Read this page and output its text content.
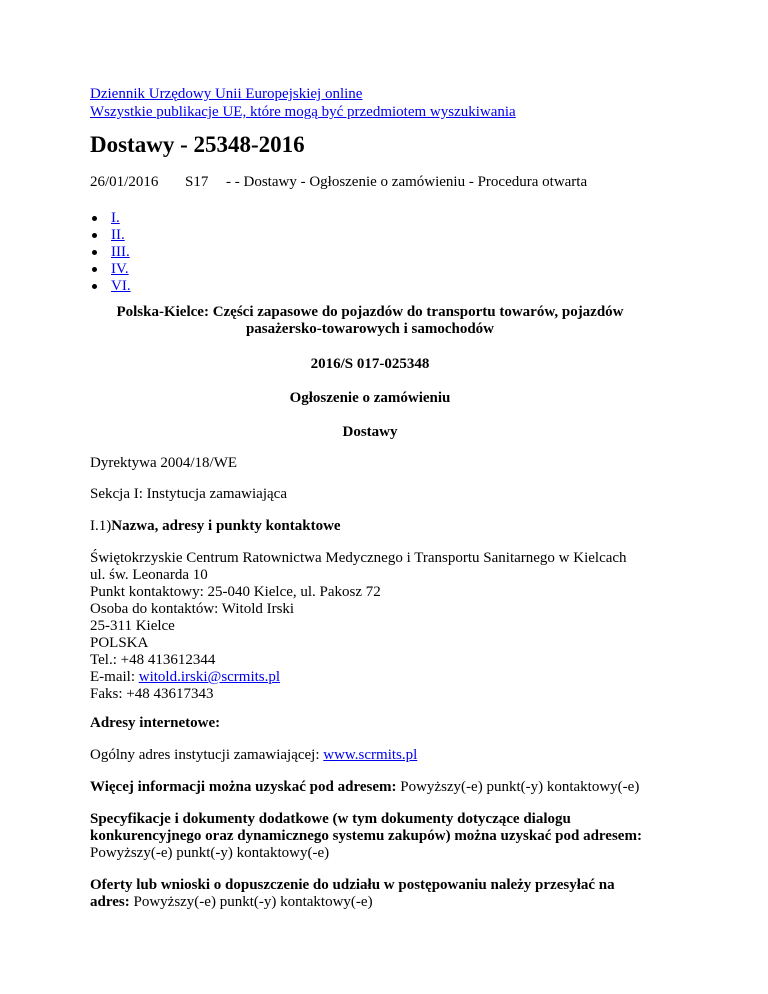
Dziennik Urzędowy Unii Europejskiej online
Wszystkie publikacje UE, które mogą być przedmiotem wyszukiwania
Dostawy - 25348-2016
26/01/2016 S17 - - Dostawy - Ogłoszenie o zamówieniu - Procedura otwarta
I.
II.
III.
IV.
VI.
Polska-Kielce: Części zapasowe do pojazdów do transportu towarów, pojazdów
pasażersko-towarowych i samochodów
2016/S 017-025348
Ogłoszenie o zamówieniu
Dostawy
Dyrektywa 2004/18/WE
Sekcja I: Instytucja zamawiająca
I.1)Nazwa, adresy i punkty kontaktowe
Świętokrzyskie Centrum Ratownictwa Medycznego i Transportu Sanitarnego w Kielcach
ul. św. Leonarda 10
Punkt kontaktowy: 25-040 Kielce, ul. Pakosz 72
Osoba do kontaktów: Witold Irski
25-311 Kielce
POLSKA
Tel.: +48 413612344
E-mail: witold.irski@scrmits.pl
Faks: +48 43617343
Adresy internetowe:
Ogólny adres instytucji zamawiającej: www.scrmits.pl
Więcej informacji można uzyskać pod adresem: Powyższy(-e) punkt(-y) kontaktowy(-e)
Specyfikacje i dokumenty dodatkowe (w tym dokumenty dotyczące dialogu
konkurencyjnego oraz dynamicznego systemu zakupów) można uzyskać pod adresem:
Powyższy(-e) punkt(-y) kontaktowy(-e)
Oferty lub wnioski o dopuszczenie do udziału w postępowaniu należy przesyłać na
adres: Powyższy(-e) punkt(-y) kontaktowy(-e)
